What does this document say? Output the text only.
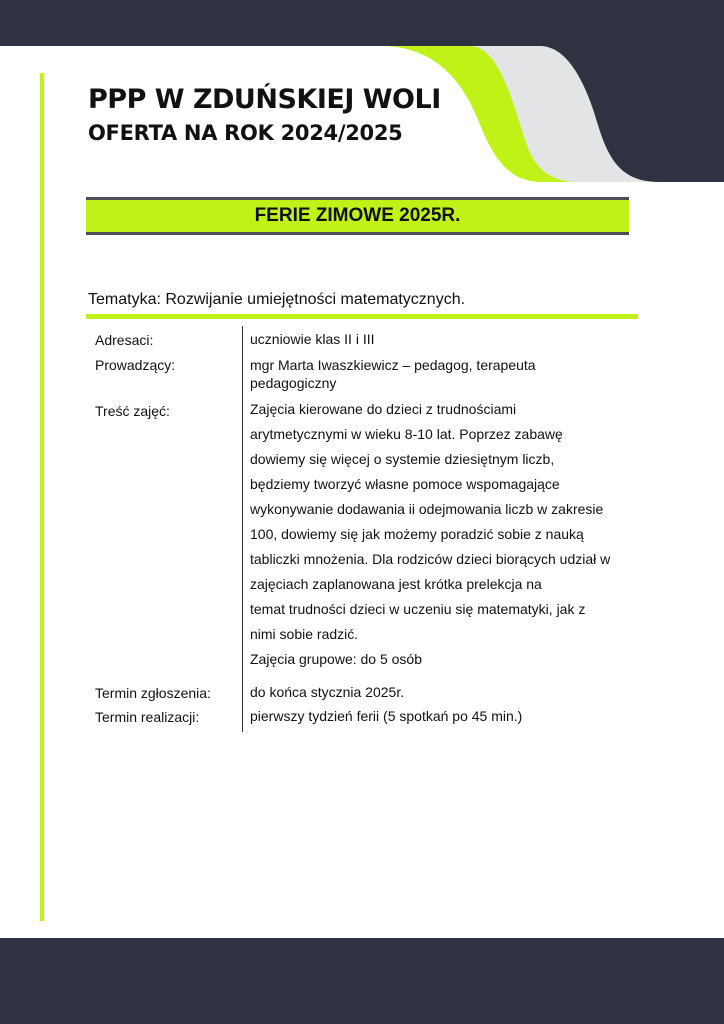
PPP W ZDUŃSKIEJ WOLI
OFERTA NA ROK 2024/2025
FERIE ZIMOWE 2025R.
Tematyka: Rozwijanie umiejętności matematycznych.
Adresaci:	uczniowie klas II i III
Prowadzący:	mgr Marta Iwaszkiewicz – pedagog, terapeuta
pedagogiczny
Treść zajęć:	Zajęcia kierowane do dzieci z trudnościami
arytmetycznymi w wieku 8-10 lat. Poprzez zabawę
dowiemy się więcej o systemie dziesiętnym liczb,
będziemy tworzyć własne pomoce wspomagające
wykonywanie dodawania ii odejmowania liczb w zakresie
100, dowiemy się jak możemy poradzić sobie z nauką
tabliczki mnożenia. Dla rodziców dzieci biorących udział w
zajęciach zaplanowana jest krótka prelekcja na
temat trudności dzieci w uczeniu się matematyki, jak z
nimi sobie radzić.
Zajęcia grupowe: do 5 osób
Termin zgłoszenia:	do końca stycznia 2025r.
Termin realizacji:	pierwszy tydzień ferii (5 spotkań po 45 min.)
